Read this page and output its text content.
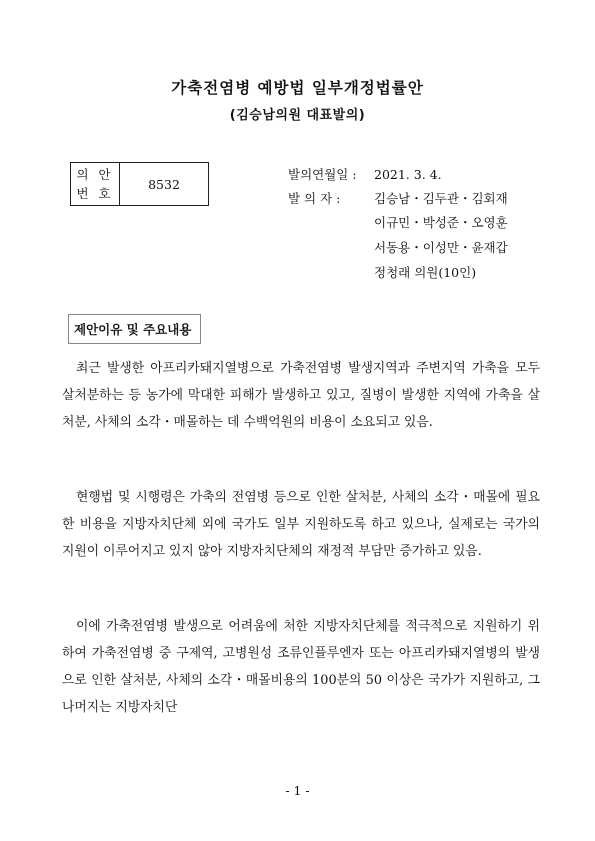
가축전염병 예방법 일부개정법률안
(김승남의원 대표발의)
의 안
번 호
	8532
발의연월일 : 2021. 3. 4.
발 의 자 :	김승남・김두관・김회재
이규민・박성준・오영훈
서동용・이성만・윤재갑
정청래 의원(10인)
제안이유 및 주요내용

최근 발생한 아프리카돼지열병으로 가축전염병 발생지역과 주변지역 가축을 모두 살처분하는 등 농가에 막대한 피해가 발생하고 있고, 질병이 발생한 지역에 가축을 살처분, 사체의 소각・매몰하는 데 수백억원의 비용이 소요되고 있음.

현행법 및 시행령은 가축의 전염병 등으로 인한 살처분, 사체의 소각・매몰에 필요한 비용을 지방자치단체 외에 국가도 일부 지원하도록 하고 있으나, 실제로는 국가의 지원이 이루어지고 있지 않아 지방자치단체의 재정적 부담만 증가하고 있음.

이에 가축전염병 발생으로 어려움에 처한 지방자치단체를 적극적으로 지원하기 위하여 가축전염병 중 구제역, 고병원성 조류인플루엔자 또는 아프리카돼지열병의 발생으로 인한 살처분, 사체의 소각・매몰비용의 100분의 50 이상은 국가가 지원하고, 그 나머지는 지방자치단

- 1 -
